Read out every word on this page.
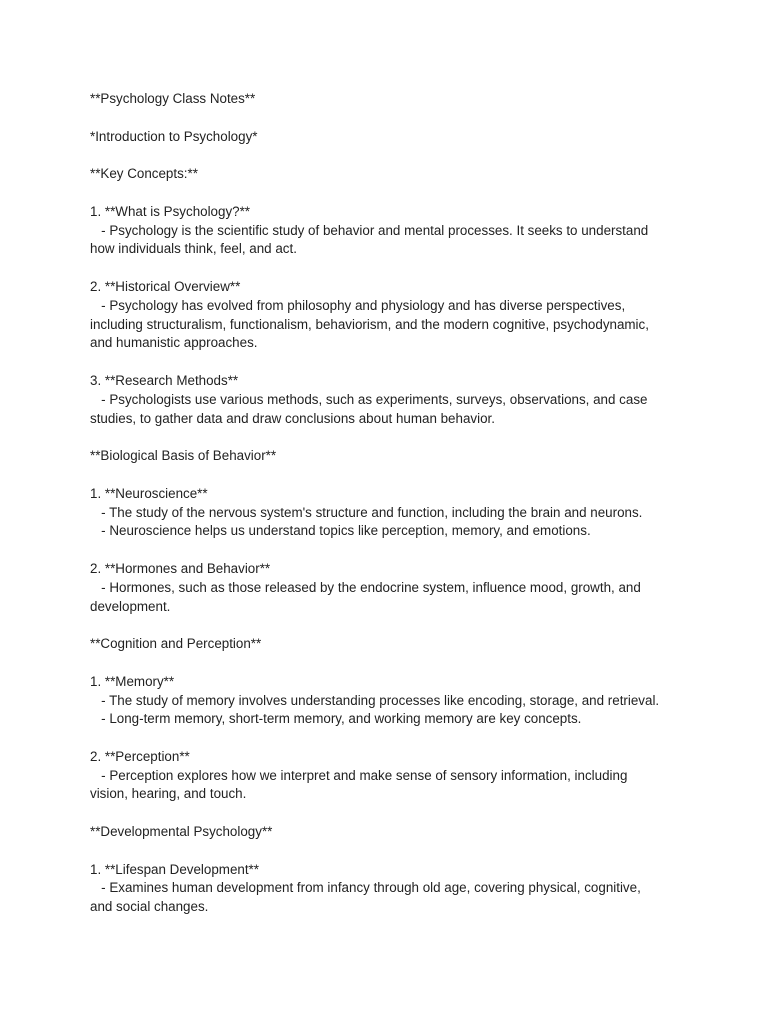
**Psychology Class Notes**
*Introduction to Psychology*
**Key Concepts:**
1. **What is Psychology?**
- Psychology is the scientific study of behavior and mental processes. It seeks to understand
how individuals think, feel, and act.
2. **Historical Overview**
- Psychology has evolved from philosophy and physiology and has diverse perspectives,
including structuralism, functionalism, behaviorism, and the modern cognitive, psychodynamic,
and humanistic approaches.
3. **Research Methods**
- Psychologists use various methods, such as experiments, surveys, observations, and case
studies, to gather data and draw conclusions about human behavior.
**Biological Basis of Behavior**
1. **Neuroscience**
- The study of the nervous system's structure and function, including the brain and neurons.
- Neuroscience helps us understand topics like perception, memory, and emotions.
2. **Hormones and Behavior**
- Hormones, such as those released by the endocrine system, influence mood, growth, and
development.
**Cognition and Perception**
1. **Memory**
- The study of memory involves understanding processes like encoding, storage, and retrieval.
- Long-term memory, short-term memory, and working memory are key concepts.
2. **Perception**
- Perception explores how we interpret and make sense of sensory information, including
vision, hearing, and touch.
**Developmental Psychology**
1. **Lifespan Development**
- Examines human development from infancy through old age, covering physical, cognitive,
and social changes.
